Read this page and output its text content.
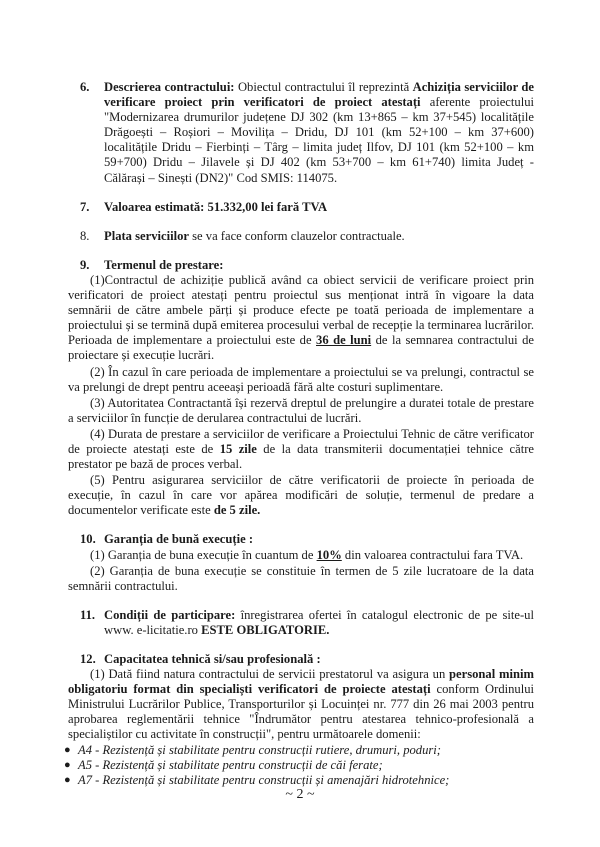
6. Descrierea contractului: Obiectul contractului îl reprezintă Achiziția serviciilor de verificare proiect prin verificatori de proiect atestați aferente proiectului "Modernizarea drumurilor județene DJ 302 (km 13+865 – km 37+545) localitățile Drăgoești – Roșiori – Movilița – Dridu, DJ 101 (km 52+100 – km 37+600) localitățile Dridu – Fierbinți – Târg – limita județ Ilfov, DJ 101 (km 52+100 – km 59+700) Dridu – Jilavele și DJ 402 (km 53+700 – km 61+740) limita Județ - Călărași – Sinești (DN2)" Cod SMIS: 114075.

7. Valoarea estimată: 51.332,00 lei fară TVA

8. Plata serviciilor se va face conform clauzelor contractuale.

9. Termenul de prestare:

(1)Contractul de achiziție publică având ca obiect servicii de verificare proiect prin verificatori de proiect atestați pentru proiectul sus menționat intră în vigoare la data semnării de către ambele părți și produce efecte pe toată perioada de implementare a proiectului și se termină după emiterea procesului verbal de recepție la terminarea lucrărilor. Perioada de implementare a proiectului este de 36 de luni de la semnarea contractului de proiectare și execuție lucrări.

(2) În cazul în care perioada de implementare a proiectului se va prelungi, contractul se va prelungi de drept pentru aceeași perioadă fără alte costuri suplimentare.

(3) Autoritatea Contractantă își rezervă dreptul de prelungire a duratei totale de prestare a serviciilor în funcție de derularea contractului de lucrări.

(4) Durata de prestare a serviciilor de verificare a Proiectului Tehnic de către verificator de proiecte atestați este de 15 zile de la data transmiterii documentației tehnice către prestator pe bază de proces verbal.

(5) Pentru asigurarea serviciilor de către verificatorii de proiecte în perioada de execuție, în cazul în care vor apărea modificări de soluție, termenul de predare a documentelor verificate este de 5 zile.

10. Garanția de bună execuție :

(1) Garanția de buna execuție în cuantum de 10% din valoarea contractului fara TVA.

(2) Garanția de buna execuție se constituie în termen de 5 zile lucratoare de la data semnării contractului.

11. Condiții de participare: înregistrarea ofertei în catalogul electronic de pe site-ul www. e-licitatie.ro ESTE OBLIGATORIE.

12. Capacitatea tehnică si/sau profesională :

(1) Dată fiind natura contractului de servicii prestatorul va asigura un personal minim obligatoriu format din specialiști verificatori de proiecte atestați conform Ordinului Ministrului Lucrărilor Publice, Transporturilor și Locuinței nr. 777 din 26 mai 2003 pentru aprobarea reglementării tehnice "Îndrumător pentru atestarea tehnico-profesională a specialiștilor cu activitate în construcții", pentru următoarele domenii:

● A4 - Rezistență și stabilitate pentru construcții rutiere, drumuri, poduri;
● A5 - Rezistență și stabilitate pentru construcții de căi ferate;
● A7 - Rezistență și stabilitate pentru construcții și amenajări hidrotehnice;
~ 2 ~
